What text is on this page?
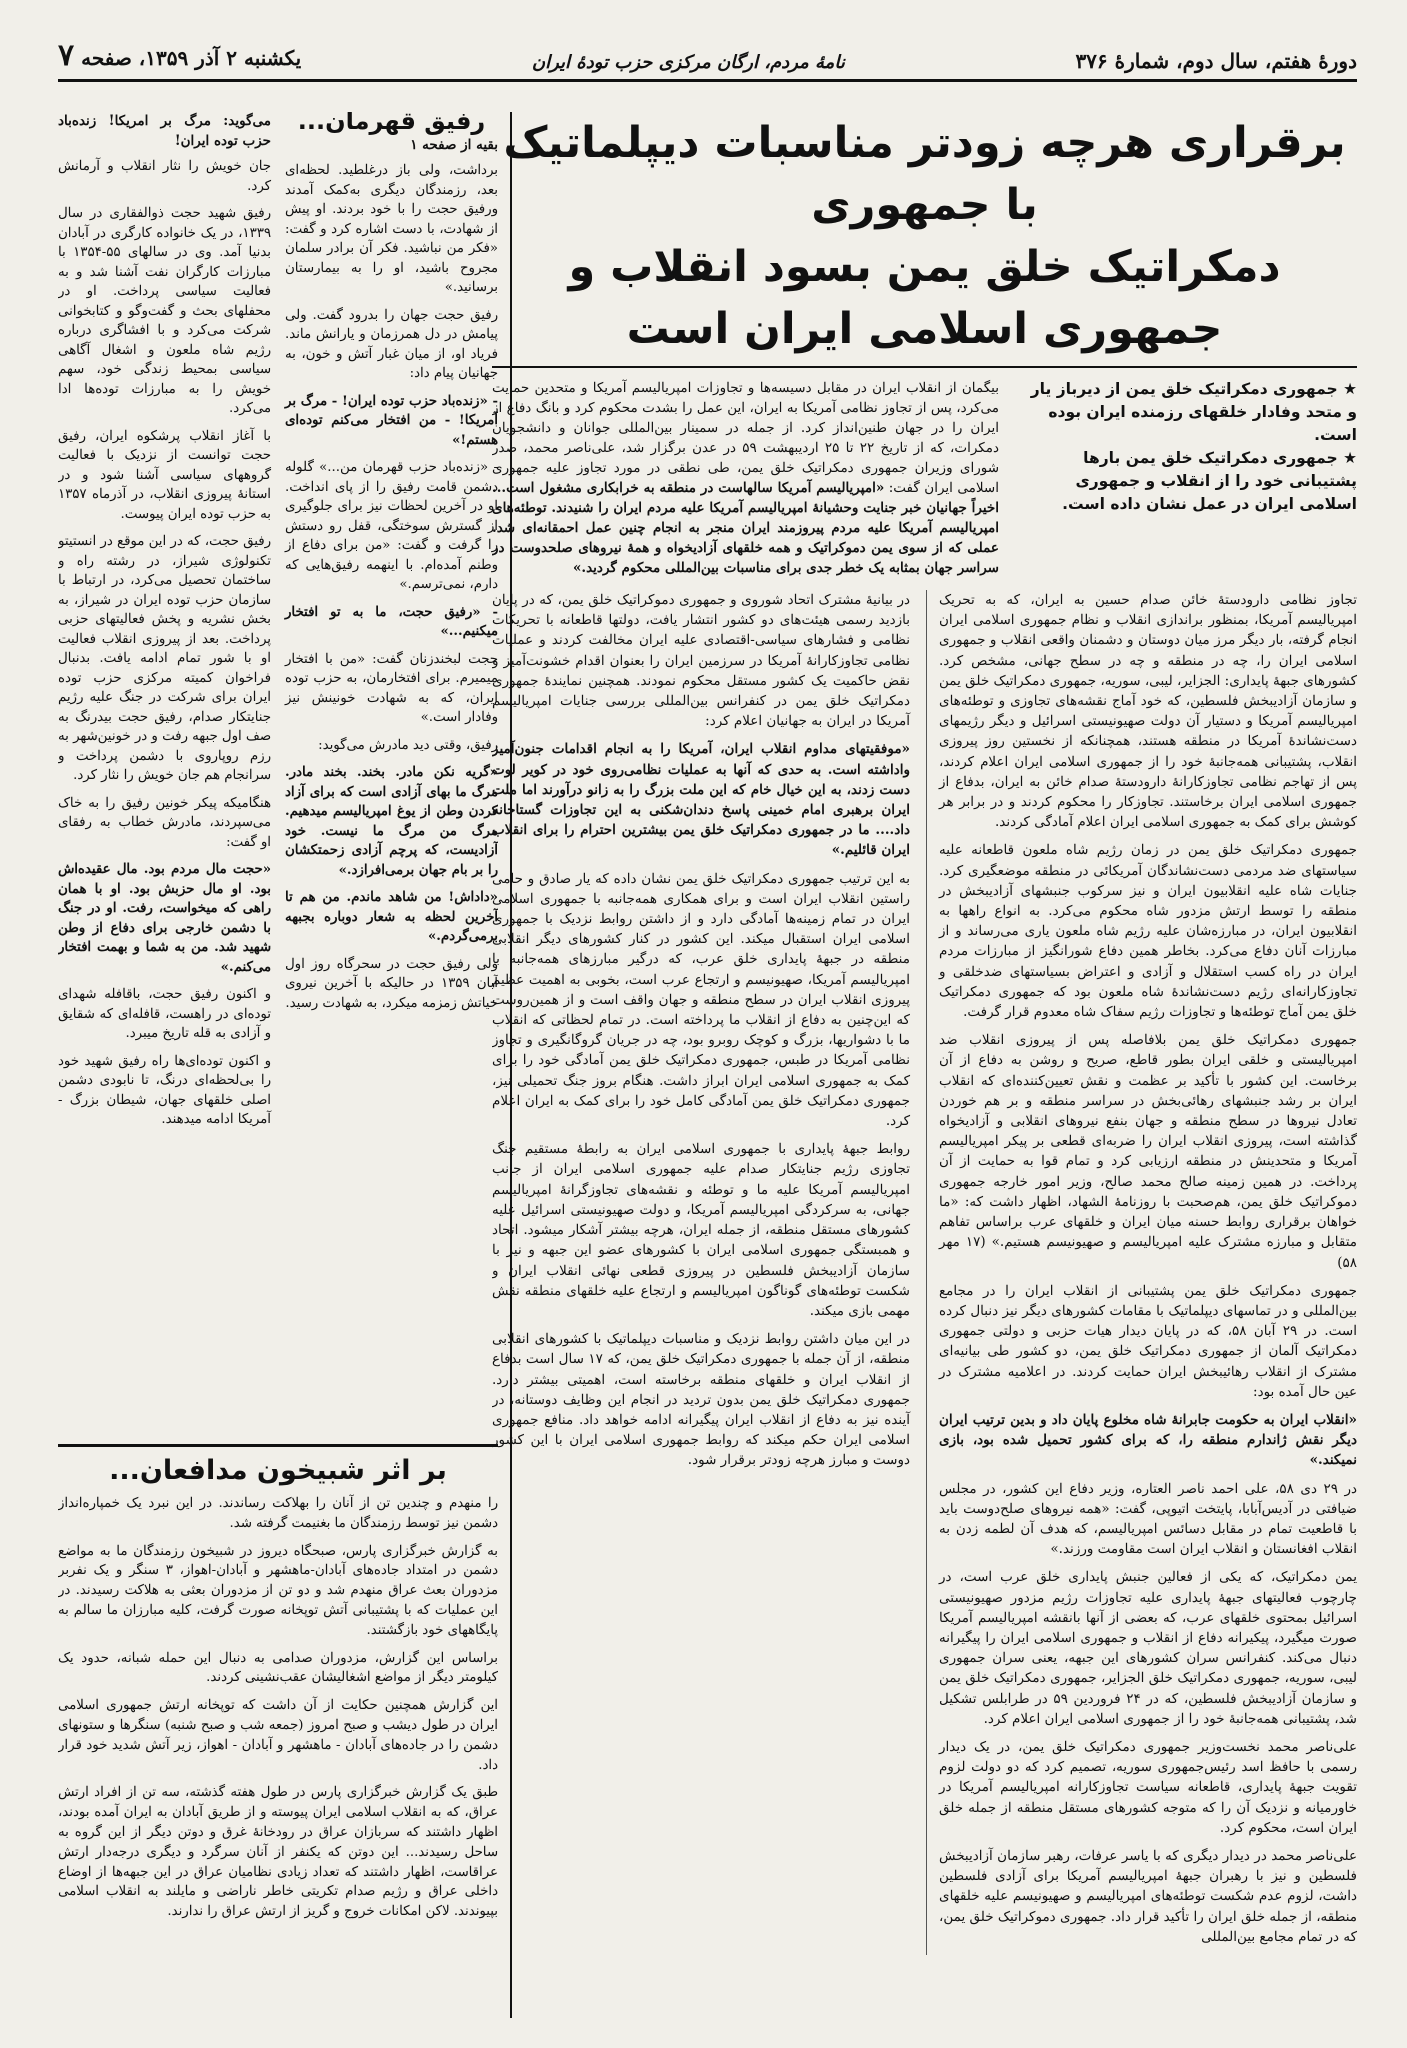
دورهٔ هفتم، سال دوم، شمارهٔ ۳۷۶
نامهٔ مردم، ارگان مرکزی حزب تودهٔ ایران
یکشنبه ۲ آذر ۱۳۵۹، صفحه ۷
برقراری هرچه زودتر مناسبات دیپلماتیک با جمهوری
دمکراتیک خلق یمن بسود انقلاب و جمهوری اسلامی ایران است
★ جمهوری دمکراتیک خلق یمن از دیرباز یار و متحد وفادار خلقهای رزمنده ایران بوده است.
★ جمهوری دمکراتیک خلق یمن بارها پشتیبانی خود را از انقلاب و جمهوری اسلامی ایران در عمل نشان داده است.
بیگمان از انقلاب ایران در مقابل دسیسه‌ها و تجاوزات امپریالیسم آمریکا و متحدین حمایت می‌کرد، پس از تجاوز نظامی آمریکا به ایران، این عمل را بشدت محکوم کرد و بانگ دفاع از ایران را در جهان طنین‌انداز کرد. از جمله در سمینار بین‌المللی جوانان و دانشجویان دمکرات، که از تاریخ ۲۲ تا ۲۵ اردیبهشت ۵۹ در عدن برگزار شد، علی‌ناصر محمد، صدر شورای وزیران جمهوری دمکراتیک خلق یمن، طی نطقی در مورد تجاوز علیه جمهوری اسلامی ایران گفت: «امپریالیسم آمریکا سالهاست در منطقه به خرابکاری مشغول است... اخیراً جهانیان خبر جنایت وحشیانهٔ امپریالیسم آمریکا علیه مردم ایران را شنیدند. توطئه‌های امپریالیسم آمریکا علیه مردم پیروزمند ایران منجر به انجام چنین عمل احمقانه‌ای شد. عملی که از سوی یمن دموکراتیک و همه خلقهای آزادیخواه و همهٔ نیروهای صلحدوست در سراسر جهان بمثابه یک خطر جدی برای مناسبات بین‌المللی محکوم گردید.»

تجاوز نظامی دارودستهٔ خائن صدام حسین به ایران، که به تحریک امپریالیسم آمریکا، بمنظور براندازی انقلاب و نظام جمهوری اسلامی ایران انجام گرفته، بار دیگر مرز میان دوستان و دشمنان واقعی انقلاب و جمهوری اسلامی ایران را، چه در منطقه و چه در سطح جهانی، مشخص کرد. کشورهای جبههٔ پایداری: الجزایر، لیبی، سوریه، جمهوری دمکراتیک خلق یمن و سازمان آزادیبخش فلسطین، که خود آماج نقشه‌های تجاوزی و توطئه‌های امپریالیسم آمریکا و دستیار آن دولت صهیونیستی اسرائیل و دیگر رژیمهای دست‌نشاندهٔ آمریکا در منطقه هستند، همچنانکه از نخستین روز پیروزی انقلاب، پشتیبانی همه‌جانبهٔ خود را از جمهوری اسلامی ایران اعلام کردند، پس از تهاجم نظامی تجاوزکارانهٔ دارودستهٔ صدام خائن به ایران، بدفاع از جمهوری اسلامی ایران برخاستند. تجاوزکار را محکوم کردند و در برابر هر کوشش برای کمک به جمهوری اسلامی ایران اعلام آمادگی کردند.

جمهوری دمکراتیک خلق یمن در زمان رژیم شاه ملعون قاطعانه علیه سیاستهای ضد مردمی دست‌نشاندگان آمریکائی در منطقه موضعگیری کرد. جنایات شاه علیه انقلابیون ایران و نیز سرکوب جنبشهای آزادیبخش در منطقه را توسط ارتش مزدور شاه محکوم می‌کرد. به انواع راهها به انقلابیون ایران، در مبارزه‌شان علیه رژیم شاه ملعون یاری می‌رساند و از مبارزات آنان دفاع می‌کرد. بخاطر همین دفاع شورانگیز از مبارزات مردم ایران در راه کسب استقلال و آزادی و اعتراض بسیاستهای ضدخلقی و تجاوزکارانه‌ای رژیم دست‌نشاندهٔ شاه ملعون بود که جمهوری دمکراتیک خلق یمن آماج توطئه‌ها و تجاوزات رژیم سفاک شاه معدوم قرار گرفت.

جمهوری دمکراتیک خلق یمن بلافاصله پس از پیروزی انقلاب ضد امپریالیستی و خلقی ایران بطور قاطع، صریح و روشن به دفاع از آن برخاست. این کشور با تأکید بر عظمت و نقش تعیین‌کننده‌ای که انقلاب ایران بر رشد جنبشهای رهائی‌بخش در سراسر منطقه و بر هم خوردن تعادل نیروها در سطح منطقه و جهان بنفع نیروهای انقلابی و آزادیخواه گذاشته است، پیروزی انقلاب ایران را ضربه‌ای قطعی بر پیکر امپریالیسم آمریکا و متحدینش در منطقه ارزیابی کرد و تمام قوا به حمایت از آن پرداخت. در همین زمینه صالح محمد صالح، وزیر امور خارجه جمهوری دموکراتیک خلق یمن، هم‌صحبت با روزنامهٔ الشهاد، اظهار داشت که: «ما خواهان برقراری روابط حسنه میان ایران و خلقهای عرب براساس تفاهم متقابل و مبارزه مشترک علیه امپریالیسم و صهیونیسم هستیم.» (۱۷ مهر ۵۸)

جمهوری دمکراتیک خلق یمن پشتیبانی از انقلاب ایران را در مجامع بین‌المللی و در تماسهای دیپلماتیک با مقامات کشورهای دیگر نیز دنبال کرده است. در ۲۹ آبان ۵۸، که در پایان دیدار هیات حزبی و دولتی جمهوری دمکراتیک آلمان از جمهوری دمکراتیک خلق یمن، دو کشور طی بیانیه‌ای مشترک از انقلاب رهائیبخش ایران حمایت کردند. در اعلامیه مشترک در عین حال آمده بود:

«انقلاب ایران به حکومت جابرانهٔ شاه مخلوع پایان داد و بدین ترتیب ایران دیگر نقش ژاندارم منطقه را، که برای کشور تحمیل شده بود، بازی نمیکند.»

در ۲۹ دی ۵۸، علی احمد ناصر العتاره، وزیر دفاع این کشور، در مجلس ضیافتی در آدیس‌آبابا، پایتخت اتیوپی، گفت: «همه نیروهای صلح‌دوست باید با قاطعیت تمام در مقابل دسائس امپریالیسم، که هدف آن لطمه زدن به انقلاب افغانستان و انقلاب ایران است مقاومت ورزند.»

یمن دمکراتیک، که یکی از فعالین جنبش پایداری خلق عرب است، در چارچوب فعالیتهای جبههٔ پایداری علیه تجاوزات رژیم مزدور صهیونیستی اسرائیل بمحتوی خلقهای عرب، که بعضی از آنها بانقشه امپریالیسم آمریکا صورت میگیرد، پیکیرانه دفاع از انقلاب و جمهوری اسلامی ایران را پیگیرانه دنبال می‌کند. کنفرانس سران کشورهای این جبهه، یعنی سران جمهوری لیبی، سوریه، جمهوری دمکراتیک خلق الجزایر، جمهوری دمکراتیک خلق یمن و سازمان آزادیبخش فلسطین، که در ۲۴ فروردین ۵۹ در طرابلس تشکیل شد، پشتیبانی همه‌جانبهٔ خود را از جمهوری اسلامی ایران اعلام کرد.

علی‌ناصر محمد نخست‌وزیر جمهوری دمکراتیک خلق یمن، در یک دیدار رسمی با حافظ اسد رئیس‌جمهوری سوریه، تصمیم کرد که دو دولت لزوم تقویت جبههٔ پایداری، قاطعانه سیاست تجاوزکارانه امپریالیسم آمریکا در خاورمیانه و نزدیک آن را که متوجه کشورهای مستقل منطقه از جمله خلق ایران است، محکوم کرد.

علی‌ناصر محمد در دیدار دیگری که با یاسر عرفات، رهبر سازمان آزادیبخش فلسطین و نیز با رهبران جبههٔ امپریالیسم آمریکا برای آزادی فلسطین داشت، لزوم عدم شکست توطئه‌های امپریالیسم و صهیونیسم علیه خلقهای منطقه، از جمله خلق ایران را تأکید قرار داد. جمهوری دموکراتیک خلق یمن، که در تمام مجامع بین‌المللی

در بیانیهٔ مشترک اتحاد شوروی و جمهوری دموکراتیک خلق یمن، که در پایان بازدید رسمی هیئت‌های دو کشور انتشار یافت، دولتها قاطعانه با تحریکات نظامی و فشارهای سیاسی-اقتصادی علیه ایران مخالفت کردند و عملیات نظامی تجاوزکارانهٔ آمریکا در سرزمین ایران را بعنوان اقدام خشونت‌آمیز و نقض حاکمیت یک کشور مستقل محکوم نمودند. همچنین نمایندهٔ جمهوری دمکراتیک خلق یمن در کنفرانس بین‌المللی بررسی جنایات امپریالیسم آمریکا در ایران به جهانیان اعلام کرد:

«موفقیتهای مداوم انقلاب ایران، آمریکا را به انجام اقدامات جنون‌آمیز واداشته است. به حدی که آنها به عملیات نظامی‌روی خود در کویر لوت دست زدند، به این خیال خام که این ملت بزرگ را به زانو درآورند اما ملت ایران برهبری امام خمینی پاسخ دندان‌شکنی به این تجاوزات گستاخانه داد.... ما در جمهوری دمکراتیک خلق یمن بیشترین احترام را برای انقلاب ایران قائلیم.»

به این ترتیب جمهوری دمکراتیک خلق یمن نشان داده که یار صادق و حامی راستین انقلاب ایران است و برای همکاری همه‌جانبه با جمهوری اسلامی ایران در تمام زمینه‌ها آمادگی دارد و از داشتن روابط نزدیک با جمهوری اسلامی ایران استقبال میکند. این کشور در کنار کشورهای دیگر انقلابی منطقه در جبههٔ پایداری خلق عرب، که درگیر مبارزهای همه‌جانبه با امپریالیسم آمریکا، صهیونیسم و ارتجاع عرب است، بخوبی به اهمیت عظیم پیروزی انقلاب ایران در سطح منطقه و جهان واقف است و از همین‌روست که این‌چنین به دفاع از انقلاب ما پرداخته است. در تمام لحظاتی که انقلاب ما با دشواریها، بزرگ و کوچک روبرو بود، چه در جریان گروگانگیری و تجاوز نظامی آمریکا در طبس، جمهوری دمکراتیک خلق یمن آمادگی خود را برای کمک به جمهوری اسلامی ایران ابراز داشت. هنگام بروز جنگ تحمیلی نیز، جمهوری دمکراتیک خلق یمن آمادگی کامل خود را برای کمک به ایران اعلام کرد.

روابط جبههٔ پایداری با جمهوری اسلامی ایران به رابطهٔ مستقیم جنگ تجاوزی رژیم جنایتکار صدام علیه جمهوری اسلامی ایران از جانب امپریالیسم آمریکا علیه ما و توطئه و نقشه‌های تجاوزگرانهٔ امپریالیسم جهانی، به سرکردگی امپریالیسم آمریکا، و دولت صهیونیستی اسرائیل علیه کشورهای مستقل منطقه، از جمله ایران، هرچه بیشتر آشکار میشود. اتحاد و همبستگی جمهوری اسلامی ایران با کشورهای عضو این جبهه و نیز با سازمان آزادیبخش فلسطین در پیروزی قطعی نهائی انقلاب ایران و شکست توطئه‌های گوناگون امپریالیسم و ارتجاع علیه خلقهای منطقه نقش مهمی بازی میکند.

در این میان داشتن روابط نزدیک و مناسبات دیپلماتیک با کشورهای انقلابی منطقه، از آن جمله با جمهوری دمکراتیک خلق یمن، که ۱۷ سال است بدفاع از انقلاب ایران و خلقهای منطقه برخاسته است، اهمیتی بیشتر دارد. جمهوری دمکراتیک خلق یمن بدون تردید در انجام این وظایف دوستانه، در آینده نیز به دفاع از انقلاب ایران پیگیرانه ادامه خواهد داد. منافع جمهوری اسلامی ایران حکم میکند که روابط جمهوری اسلامی ایران با این کشور دوست و مبارز هرچه زودتر برقرار شود.

رفیق قهرمان...
بقیه از صفحه ۱

برداشت، ولی باز درغلطید. لحظه‌ای بعد، رزمندگان دیگری به‌کمک آمدند ورفیق حجت را با خود بردند. او پیش از شهادت، با دست اشاره کرد و گفت: «فکر من نباشید. فکر آن برادر سلمان مجروح باشید، او را به بیمارستان برسانید.»

رفیق حجت جهان را بدرود گفت. ولی پیامش در دل همرزمان و یارانش ماند. فریاد او، از میان غبار آتش و خون، به جهانیان پیام داد:

- «زنده‌باد حزب توده ایران! - مرگ بر آمریکا! - من افتخار می‌کنم توده‌ای هستم!»

- «زنده‌باد حزب قهرمان من...» گلوله دشمن قامت رفیق را از پای انداخت. او در آخرین لحظات نیز برای جلوگیری از گسترش سوختگی، قفل رو دستش را گرفت و گفت: «من برای دفاع از وطنم آمده‌ام. با اینهمه رفیق‌هایی که دارم، نمی‌ترسم.»

- «رفیق حجت، ما به تو افتخار میکنیم...»

حجت لبخند‌زنان گفت: «من با افتخار میمیرم. برای افتخارمان، به حزب توده ایران، که به شهادت خونینش نیز وفادار است.»

رفیق، وقتی دید مادرش می‌گوید:

«گریه نکن مادر. بخند. بخند مادر. مرگ ما بهای آزادی است که برای آزاد کردن وطن از یوغ امپریالیسم میدهیم. مرگ من مرگ ما نیست. خود آزادیست، که پرچم آزادی زحمتکشان را بر بام جهان برمی‌افرازد.»

«داداش! من شاهد ماندم. من هم تا آخرین لحظه به شعار دوباره بجبهه برمی‌گردم.»

ولی رفیق حجت در سحرگاه روز اول آبان ۱۳۵۹ در حالیکه با آخرین نیروی حیاتش زمزمه میکرد، به شهادت رسید.

می‌گوید: مرگ بر امریکا! زنده‌باد حزب توده ایران!

جان خویش را نثار انقلاب و آرمانش کرد.

رفیق شهید حجت ذوالفقاری در سال ۱۳۳۹، در یک خانواده کارگری در آبادان بدنیا آمد. وی در سالهای ۵۵-۱۳۵۴ با مبارزات کارگران نفت آشنا شد و به فعالیت سیاسی پرداخت. او در محفلهای بحث و گفت‌وگو و کتابخوانی شرکت می‌کرد و با افشاگری درباره رژیم شاه ملعون و اشغال آگاهی سیاسی بمحیط زندگی خود، سهم خویش را به مبارزات توده‌ها ادا می‌کرد.

با آغاز انقلاب پرشکوه ایران، رفیق حجت توانست از نزدیک با فعالیت گروههای سیاسی آشنا شود و در استانهٔ پیروزی انقلاب، در آذرماه ۱۳۵۷ به حزب توده ایران پیوست.

رفیق حجت، که در این موقع در انستیتو تکنولوژی شیراز، در رشته راه و ساختمان تحصیل می‌کرد، در ارتباط با سازمان حزب توده ایران در شیراز، به بخش نشریه و پخش فعالیتهای حزبی پرداخت. بعد از پیروزی انقلاب فعالیت او با شور تمام ادامه یافت. بدنبال فراخوان کمیته مرکزی حزب توده ایران برای شرکت در جنگ علیه رژیم جنایتکار صدام، رفیق حجت بیدرنگ به صف اول جبهه رفت و در خونین‌شهر به رزم روپاروی با دشمن پرداخت و سرانجام هم جان خویش را نثار کرد.

هنگامیکه پیکر خونین رفیق را به خاک می‌سپردند، مادرش خطاب به رفقای او گفت:

«حجت مال مردم بود. مال عقیده‌اش بود. او مال حزبش بود. او با همان راهی که میخواست، رفت. او در جنگ با دشمن خارجی برای دفاع از وطن شهید شد. من به شما و بهمت افتخار می‌کنم.»

و اکنون رفیق حجت، باقافله شهدای توده‌ای در راهست، قافله‌ای که شقایق و آزادی به قله تاریخ میبرد.

و اکنون توده‌ای‌ها راه رفیق شهید خود را بی‌لحظه‌ای درنگ، تا نابودی دشمن اصلی خلقهای جهان، شیطان بزرگ - آمریکا ادامه میدهند.

بر اثر شبیخون مدافعان...

را منهدم و چندین تن از آنان را بهلاکت رساندند. در این نبرد یک خمپاره‌انداز دشمن نیز توسط رزمندگان ما بغنیمت گرفته شد.

به گزارش خبرگزاری پارس، صبحگاه دیروز در شبیخون رزمندگان ما به مواضع دشمن در امتداد جاده‌های آبادان-ماهشهر و آبادان-اهواز، ۳ سنگر و یک نفربر مزدوران بعث عراق منهدم شد و دو تن از مزدوران بعثی به هلاکت رسیدند. در این عملیات که با پشتیبانی آتش توپخانه صورت گرفت، کلیه مبارزان ما سالم به پایگاههای خود بازگشتند.

براساس این گزارش، مزدوران صدامی به دنبال این حمله شبانه، حدود یک کیلومتر دیگر از مواضع اشغالیشان عقب‌نشینی کردند.

این گزارش همچنین حکایت از آن داشت که توپخانه ارتش جمهوری اسلامی ایران در طول دیشب و صبح امروز (جمعه شب و صبح شنبه) سنگرها و ستونهای دشمن را در جاده‌های آبادان - ماهشهر و آبادان - اهواز، زیر آتش شدید خود قرار داد.

طبق یک گزارش خبرگزاری پارس در طول هفته گذشته، سه تن از افراد ارتش عراق، که به انقلاب اسلامی ایران پیوسته و از طریق آبادان به ایران آمده بودند، اظهار داشتند که سربازان عراق در رودخانهٔ غرق و دوتن دیگر از این گروه به ساحل رسیدند... این دوتن که یکنفر از آنان سرگرد و دیگری درجه‌دار ارتش عراقاست، اظهار داشتند که تعداد زیادی نظامیان عراق در این جبهه‌ها از اوضاع داخلی عراق و رژیم صدام تکریتی خاطر ناراضی و مایلند به انقلاب اسلامی بپیوندند. لاکن امکانات خروج و گریز از ارتش عراق را ندارند.
